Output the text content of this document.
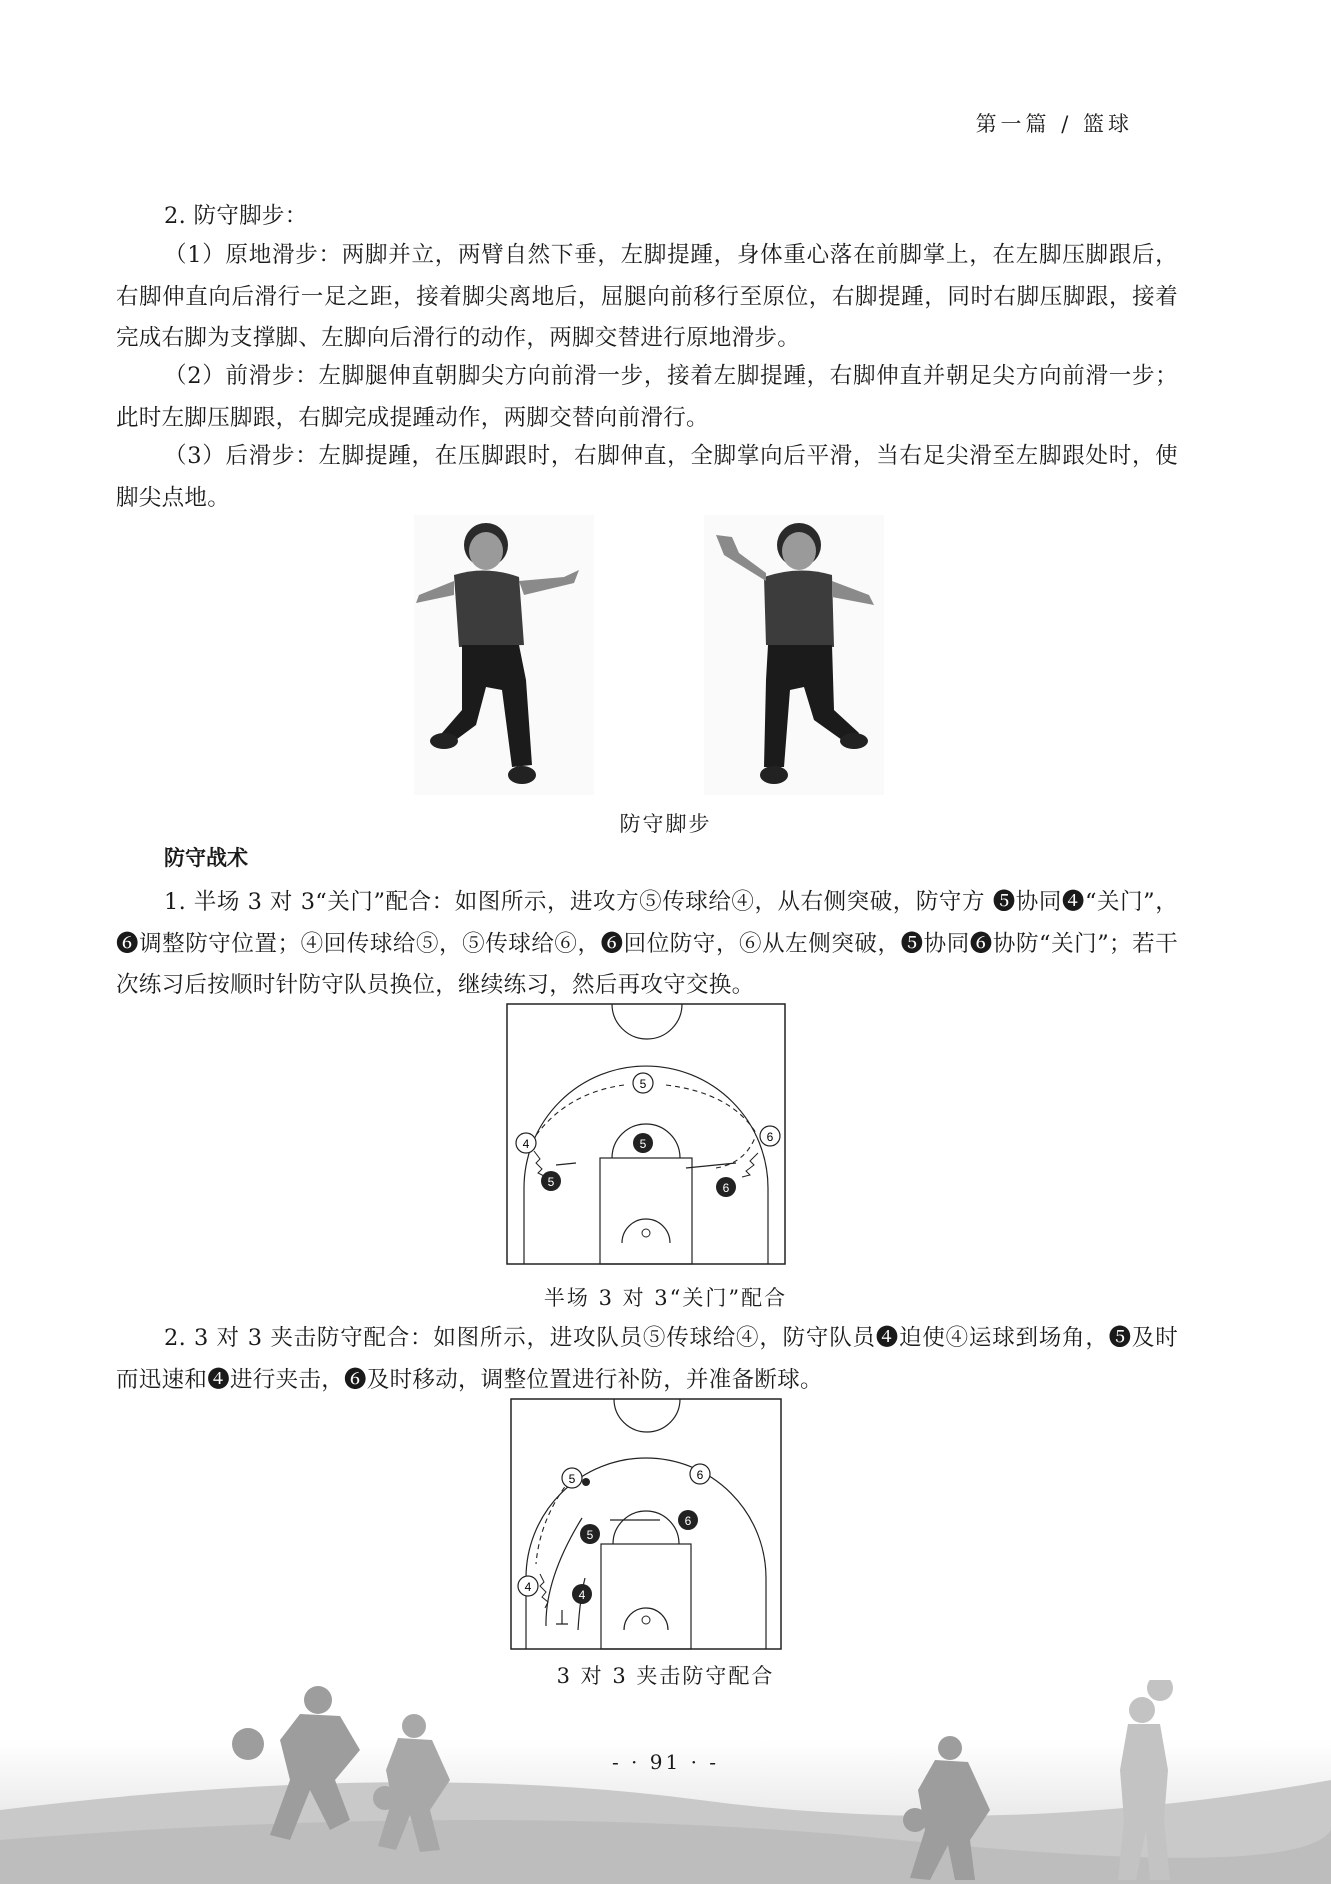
第一篇 / 篮球
2. 防守脚步：
（1）原地滑步：两脚并立，两臂自然下垂，左脚提踵，身体重心落在前脚掌上，在左脚压脚跟后，右脚伸直向后滑行一足之距，接着脚尖离地后，屈腿向前移行至原位，右脚提踵，同时右脚压脚跟，接着完成右脚为支撑脚、左脚向后滑行的动作，两脚交替进行原地滑步。
（2）前滑步：左脚腿伸直朝脚尖方向前滑一步，接着左脚提踵，右脚伸直并朝足尖方向前滑一步；此时左脚压脚跟，右脚完成提踵动作，两脚交替向前滑行。
（3）后滑步：左脚提踵，在压脚跟时，右脚伸直，全脚掌向后平滑，当右足尖滑至左脚跟处时，使脚尖点地。
防守脚步
防守战术
1. 半场 3 对 3“关门”配合：如图所示，进攻方⑤传球给④，从右侧突破，防守方 ❺协同❹“关门”，❻调整防守位置；④回传球给⑤，⑤传球给⑥，❻回位防守，⑥从左侧突破，❺协同❻协防“关门”；若干次练习后按顺时针防守队员换位，继续练习，然后再攻守交换。
5
4	6
5
5	6
半场 3 对 3“关门”配合
2. 3 对 3 夹击防守配合：如图所示，进攻队员⑤传球给④，防守队员❹迫使④运球到场角，❺及时而迅速和❹进行夹击，❻及时移动，调整位置进行补防，并准备断球。
5	6
4
6
5
4
3 对 3 夹击防守配合
- · 91 · -
